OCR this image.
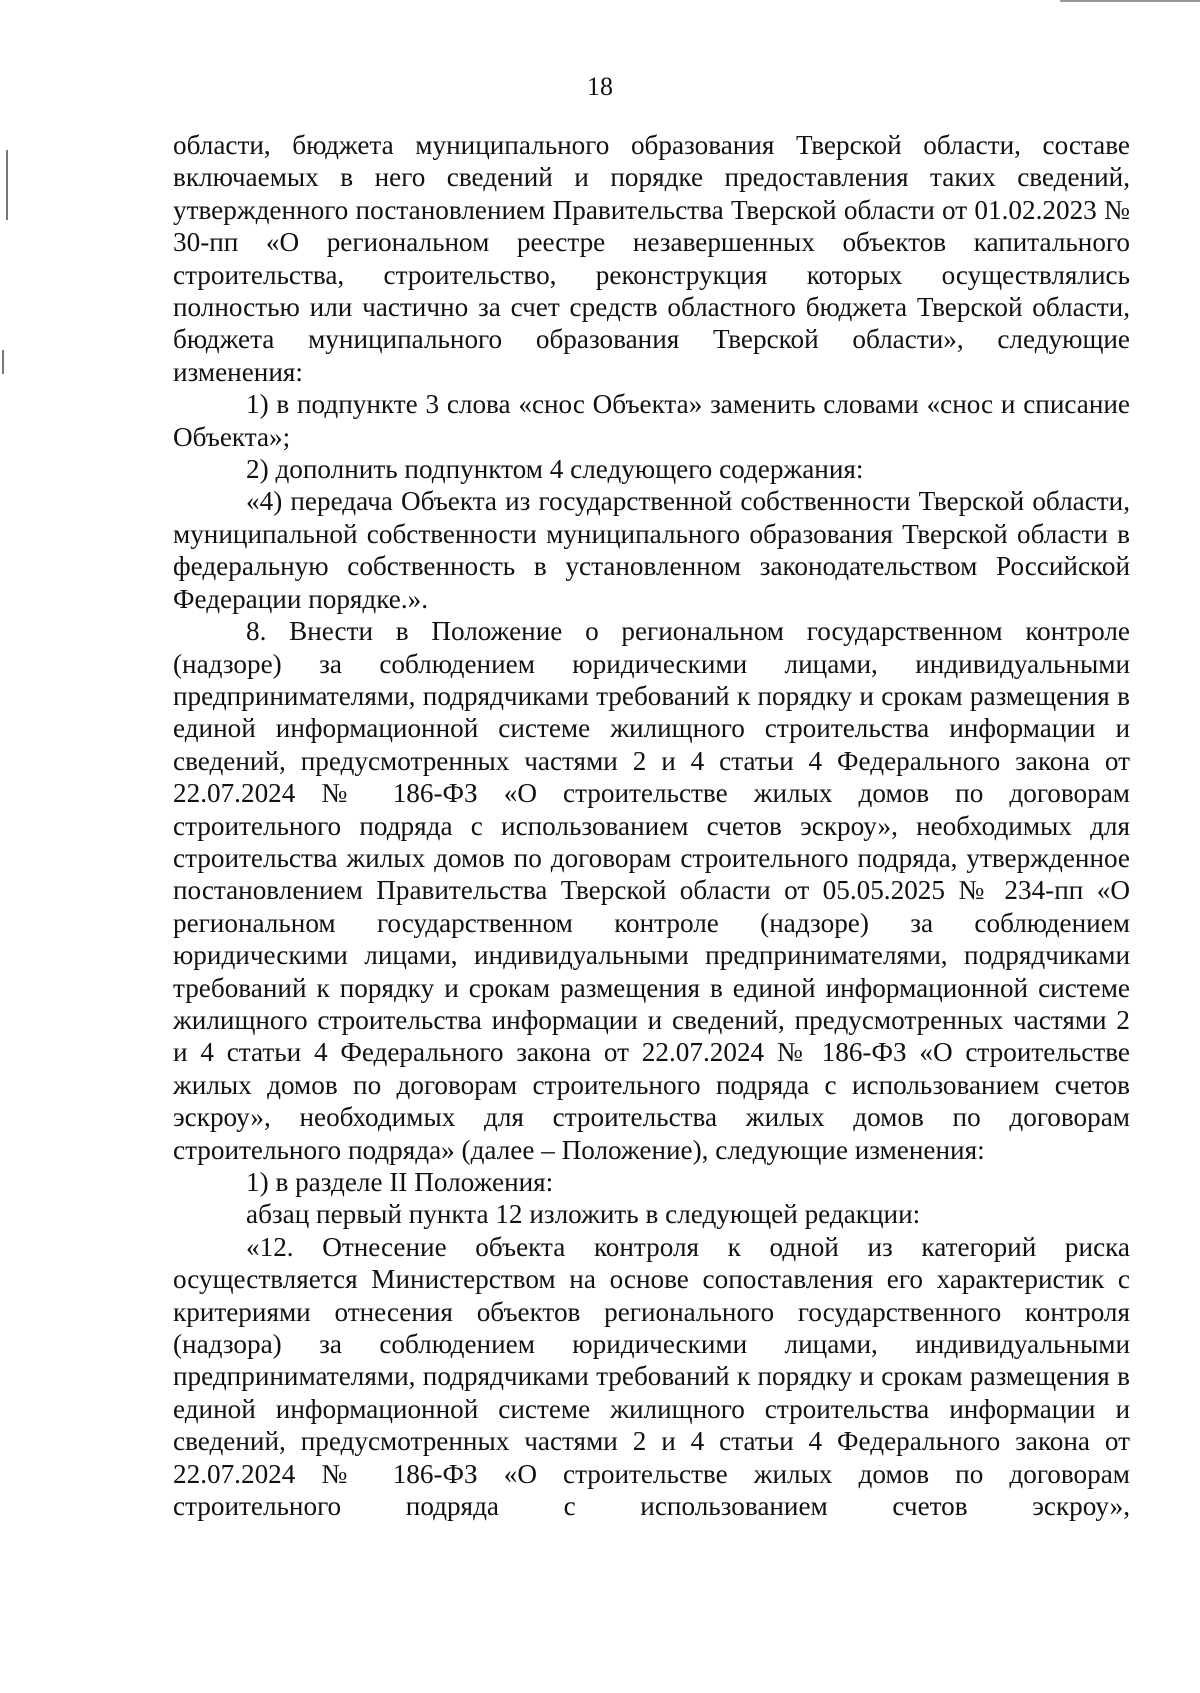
18

области, бюджета муниципального образования Тверской области, составе включаемых в него сведений и порядке предоставления таких сведений, утвержденного постановлением Правительства Тверской области от 01.02.2023 № 30-пп «О региональном реестре незавершенных объектов капитального строительства, строительство, реконструкция которых осуществлялись полностью или частично за счет средств областного бюджета Тверской области, бюджета муниципального образования Тверской области», следующие изменения:

1) в подпункте 3 слова «снос Объекта» заменить словами «снос и списание Объекта»;

2) дополнить подпунктом 4 следующего содержания:

«4) передача Объекта из государственной собственности Тверской области, муниципальной собственности муниципального образования Тверской области в федеральную собственность в установленном законодательством Российской Федерации порядке.».

8. Внести в Положение о региональном государственном контроле (надзоре) за соблюдением юридическими лицами, индивидуальными предпринимателями, подрядчиками требований к порядку и срокам размещения в единой информационной системе жилищного строительства информации и сведений, предусмотренных частями 2 и 4 статьи 4 Федерального закона от 22.07.2024 № 186-ФЗ «О строительстве жилых домов по договорам строительного подряда с использованием счетов эскроу», необходимых для строительства жилых домов по договорам строительного подряда, утвержденное постановлением Правительства Тверской области от 05.05.2025 № 234-пп «О региональном государственном контроле (надзоре) за соблюдением юридическими лицами, индивидуальными предпринимателями, подрядчиками требований к порядку и срокам размещения в единой информационной системе жилищного строительства информации и сведений, предусмотренных частями 2 и 4 статьи 4 Федерального закона от 22.07.2024 № 186-ФЗ «О строительстве жилых домов по договорам строительного подряда с использованием счетов эскроу», необходимых для строительства жилых домов по договорам строительного подряда» (далее – Положение), следующие изменения:

1) в разделе II Положения:

абзац первый пункта 12 изложить в следующей редакции:

«12. Отнесение объекта контроля к одной из категорий риска осуществляется Министерством на основе сопоставления его характеристик с критериями отнесения объектов регионального государственного контроля (надзора) за соблюдением юридическими лицами, индивидуальными предпринимателями, подрядчиками требований к порядку и срокам размещения в единой информационной системе жилищного строительства информации и сведений, предусмотренных частями 2 и 4 статьи 4 Федерального закона от 22.07.2024 № 186-ФЗ «О строительстве жилых домов по договорам строительного подряда с использованием счетов эскроу»,
